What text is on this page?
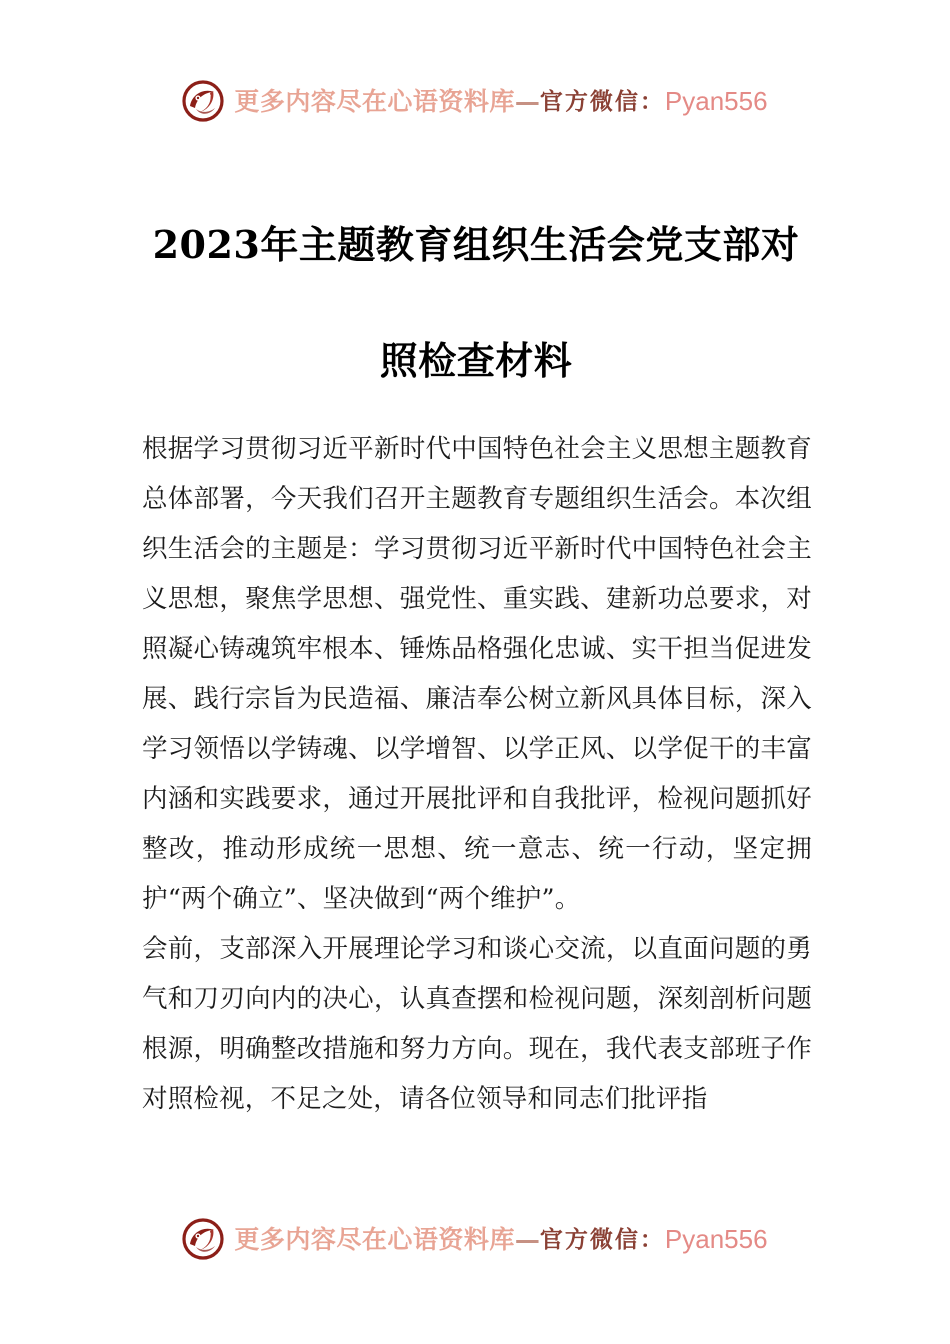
更多内容尽在心语资料库 — 官方微信 ： Pyan556
2023年主题教育组织生活会党支部对照检查材料

根据学习贯彻习近平新时代中国特色社会主义思想主题教育总体部署，今天我们召开主题教育专题组织生活会。本次组织生活会的主题是：学习贯彻习近平新时代中国特色社会主义思想，聚焦学思想、强党性、重实践、建新功总要求，对照凝心铸魂筑牢根本、锤炼品格强化忠诚、实干担当促进发展、践行宗旨为民造福、廉洁奉公树立新风具体目标，深入学习领悟以学铸魂、以学增智、以学正风、以学促干的丰富内涵和实践要求，通过开展批评和自我批评，检视问题抓好整改，推动形成统一思想、统一意志、统一行动，坚定拥护“两个确立”、坚决做到“两个维护”。

会前，支部深入开展理论学习和谈心交流，以直面问题的勇气和刀刃向内的决心，认真查摆和检视问题，深刻剖析问题根源，明确整改措施和努力方向。现在，我代表支部班子作对照检视，不足之处，请各位领导和同志们批评指

更多内容尽在心语资料库 — 官方微信 ： Pyan556
